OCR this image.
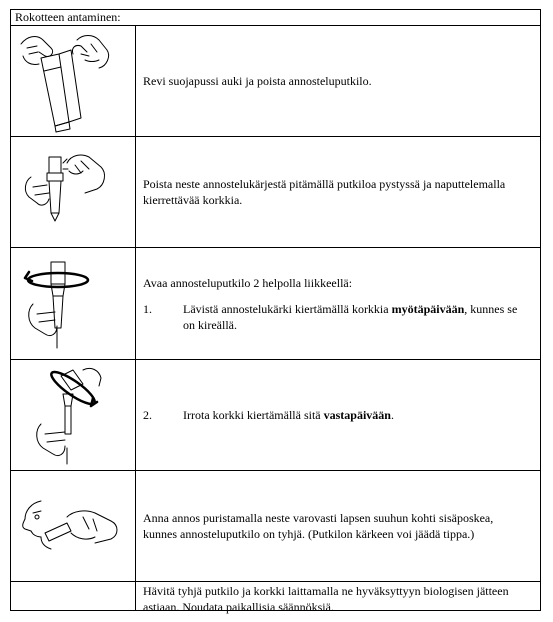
Rokotteen antaminen:
Revi suojapussi auki ja poista annosteluputkilo.
Poista neste annostelukärjestä pitämällä putkiloa pystyssä ja naputtelemalla kierrettävää korkkia.
Avaa annosteluputkilo 2 helpolla liikkeellä:
1.	Lävistä annostelukärki kiertämällä korkkia myötäpäivään, kunnes se on kireällä.
2.	Irrota korkki kiertämällä sitä vastapäivään.
Anna annos puristamalla neste varovasti lapsen suuhun kohti sisäposkea, kunnes annosteluputkilo on tyhjä. (Putkilon kärkeen voi jäädä tippa.)
Hävitä tyhjä putkilo ja korkki laittamalla ne hyväksyttyyn biologisen jätteen astiaan. Noudata paikallisia säännöksiä.
